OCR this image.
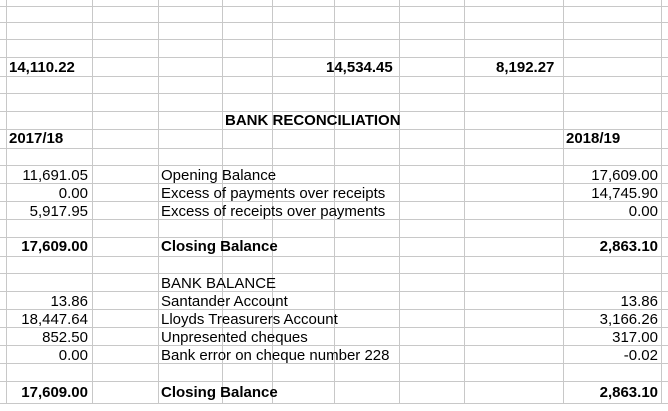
14,110.22	14,534.45	8,192.27
BANK RECONCILIATION
2017/18	2018/19
11,691.05	Opening Balance	17,609.00
0.00	Excess of payments over receipts	14,745.90
5,917.95	Excess of receipts over payments	0.00
17,609.00	Closing Balance	2,863.10
BANK BALANCE
13.86	Santander Account	13.86
18,447.64	Lloyds Treasurers Account	3,166.26
852.50	Unpresented cheques	317.00
0.00	Bank error on cheque number 228	-0.02
17,609.00	Closing Balance	2,863.10
